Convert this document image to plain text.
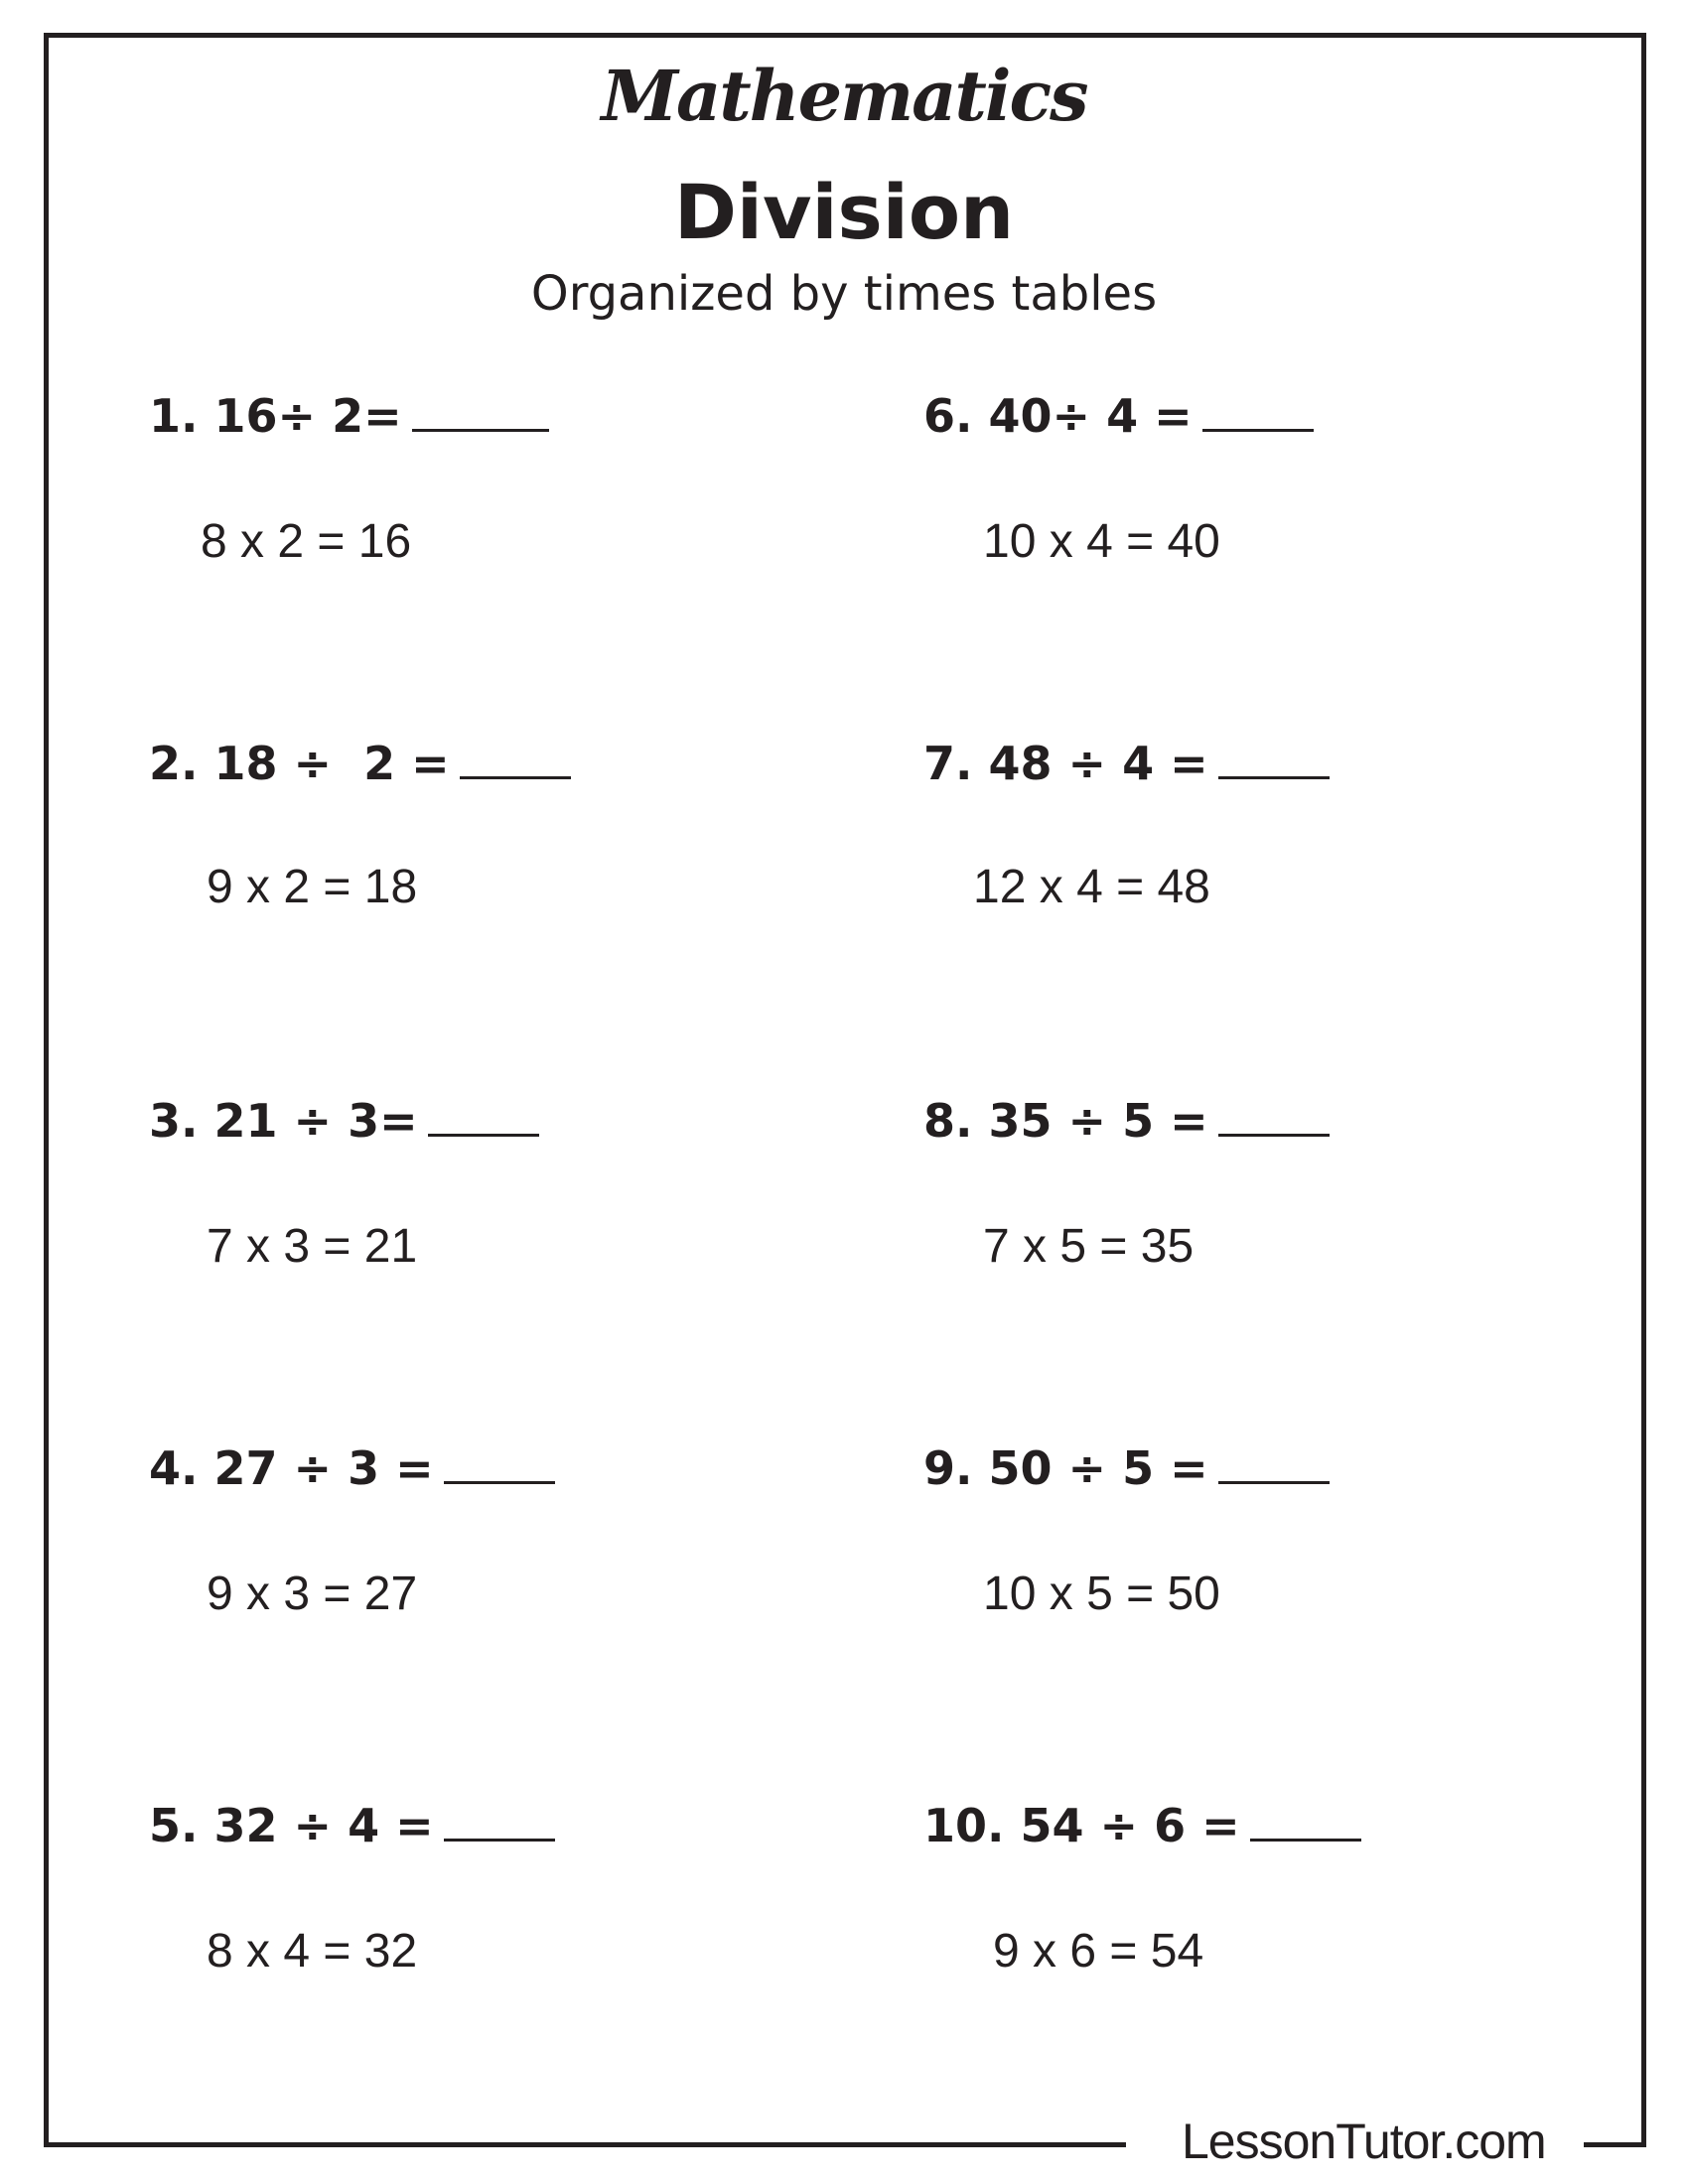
Mathematics
Division
Organized by times tables
1. 16÷ 2=
8 x 2 = 16
2. 18 ÷  2 =
9 x 2 = 18
3. 21 ÷ 3=
7 x 3 = 21
4. 27 ÷ 3 =
9 x 3 = 27
5. 32 ÷ 4 =
8 x 4 = 32
6. 40÷ 4 =
10 x 4 = 40
7. 48 ÷ 4 =
12 x 4 = 48
8. 35 ÷ 5 =
7 x 5 = 35
9. 50 ÷ 5 =
10 x 5 = 50
10. 54 ÷ 6 =
9 x 6 = 54
LessonTutor.com
